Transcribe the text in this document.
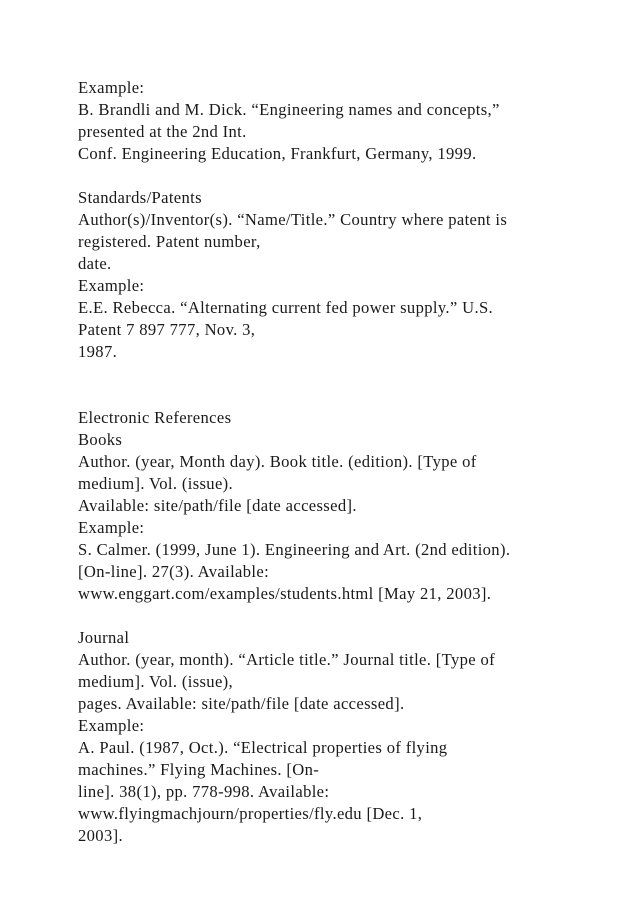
Example:
B. Brandli and M. Dick. “Engineering names and concepts,”
presented at the 2nd Int.
Conf. Engineering Education, Frankfurt, Germany, 1999.
Standards/Patents
Author(s)/Inventor(s). “Name/Title.” Country where patent is
registered. Patent number,
date.
Example:
E.E. Rebecca. “Alternating current fed power supply.” U.S.
Patent 7 897 777, Nov. 3,
1987.
Electronic References
Books
Author. (year, Month day). Book title. (edition). [Type of
medium]. Vol. (issue).
Available: site/path/file [date accessed].
Example:
S. Calmer. (1999, June 1). Engineering and Art. (2nd edition).
[On-line]. 27(3). Available:
www.enggart.com/examples/students.html [May 21, 2003].
Journal
Author. (year, month). “Article title.” Journal title. [Type of
medium]. Vol. (issue),
pages. Available: site/path/file [date accessed].
Example:
A. Paul. (1987, Oct.). “Electrical properties of flying
machines.” Flying Machines. [On-
line]. 38(1), pp. 778-998. Available:
www.flyingmachjourn/properties/fly.edu [Dec. 1,
2003].
